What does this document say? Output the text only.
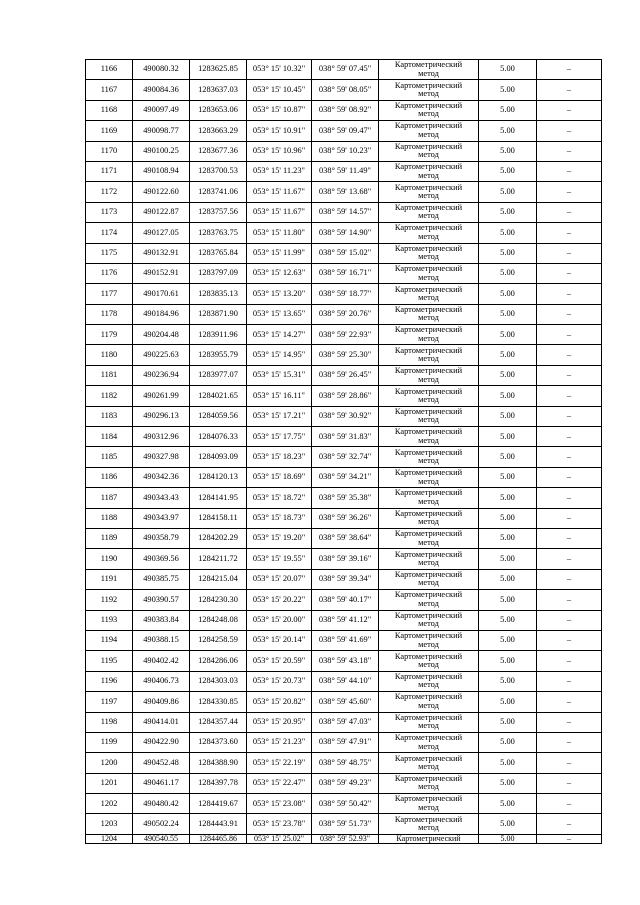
1166	490080.32	1283625.85	053° 15' 10.32"	038° 59' 07.45"	Картометрический
метод	5.00	–
1167	490084.36	1283637.03	053° 15' 10.45"	038° 59' 08.05"	Картометрический
метод	5.00	–
1168	490097.49	1283653.06	053° 15' 10.87"	038° 59' 08.92"	Картометрический
метод	5.00	–
1169	490098.77	1283663.29	053° 15' 10.91"	038° 59' 09.47"	Картометрический
метод	5.00	–
1170	490100.25	1283677.36	053° 15' 10.96"	038° 59' 10.23"	Картометрический
метод	5.00	–
1171	490108.94	1283700.53	053° 15' 11.23"	038° 59' 11.49"	Картометрический
метод	5.00	–
1172	490122.60	1283741.06	053° 15' 11.67"	038° 59' 13.68"	Картометрический
метод	5.00	–
1173	490122.87	1283757.56	053° 15' 11.67"	038° 59' 14.57"	Картометрический
метод	5.00	–
1174	490127.05	1283763.75	053° 15' 11.80"	038° 59' 14.90"	Картометрический
метод	5.00	–
1175	490132.91	1283765.84	053° 15' 11.99"	038° 59' 15.02"	Картометрический
метод	5.00	–
1176	490152.91	1283797.09	053° 15' 12.63"	038° 59' 16.71"	Картометрический
метод	5.00	–
1177	490170.61	1283835.13	053° 15' 13.20"	038° 59' 18.77"	Картометрический
метод	5.00	–
1178	490184.96	1283871.90	053° 15' 13.65"	038° 59' 20.76"	Картометрический
метод	5.00	–
1179	490204.48	1283911.96	053° 15' 14.27"	038° 59' 22.93"	Картометрический
метод	5.00	–
1180	490225.63	1283955.79	053° 15' 14.95"	038° 59' 25.30"	Картометрический
метод	5.00	–
1181	490236.94	1283977.07	053° 15' 15.31"	038° 59' 26.45"	Картометрический
метод	5.00	–
1182	490261.99	1284021.65	053° 15' 16.11"	038° 59' 28.86"	Картометрический
метод	5.00	–
1183	490296.13	1284059.56	053° 15' 17.21"	038° 59' 30.92"	Картометрический
метод	5.00	–
1184	490312.96	1284076.33	053° 15' 17.75"	038° 59' 31.83"	Картометрический
метод	5.00	–
1185	490327.98	1284093.09	053° 15' 18.23"	038° 59' 32.74"	Картометрический
метод	5.00	–
1186	490342.36	1284120.13	053° 15' 18.69"	038° 59' 34.21"	Картометрический
метод	5.00	–
1187	490343.43	1284141.95	053° 15' 18.72"	038° 59' 35.38"	Картометрический
метод	5.00	–
1188	490343.97	1284158.11	053° 15' 18.73"	038° 59' 36.26"	Картометрический
метод	5.00	–
1189	490358.79	1284202.29	053° 15' 19.20"	038° 59' 38.64"	Картометрический
метод	5.00	–
1190	490369.56	1284211.72	053° 15' 19.55"	038° 59' 39.16"	Картометрический
метод	5.00	–
1191	490385.75	1284215.04	053° 15' 20.07"	038° 59' 39.34"	Картометрический
метод	5.00	–
1192	490390.57	1284230.30	053° 15' 20.22"	038° 59' 40.17"	Картометрический
метод	5.00	–
1193	490383.84	1284248.08	053° 15' 20.00"	038° 59' 41.12"	Картометрический
метод	5.00	–
1194	490388.15	1284258.59	053° 15' 20.14"	038° 59' 41.69"	Картометрический
метод	5.00	–
1195	490402.42	1284286.06	053° 15' 20.59"	038° 59' 43.18"	Картометрический
метод	5.00	–
1196	490406.73	1284303.03	053° 15' 20.73"	038° 59' 44.10"	Картометрический
метод	5.00	–
1197	490409.86	1284330.85	053° 15' 20.82"	038° 59' 45.60"	Картометрический
метод	5.00	–
1198	490414.01	1284357.44	053° 15' 20.95"	038° 59' 47.03"	Картометрический
метод	5.00	–
1199	490422.90	1284373.60	053° 15' 21.23"	038° 59' 47.91"	Картометрический
метод	5.00	–
1200	490452.48	1284388.90	053° 15' 22.19"	038° 59' 48.75"	Картометрический
метод	5.00	–
1201	490461.17	1284397.78	053° 15' 22.47"	038° 59' 49.23"	Картометрический
метод	5.00	–
1202	490480.42	1284419.67	053° 15' 23.08"	038° 59' 50.42"	Картометрический
метод	5.00	–
1203	490502.24	1284443.91	053° 15' 23.78"	038° 59' 51.73"	Картометрический
метод	5.00	–
1204	490540.55	1284465.86	053° 15' 25.02"	038° 59' 52.93"	Картометрический	5.00	–
